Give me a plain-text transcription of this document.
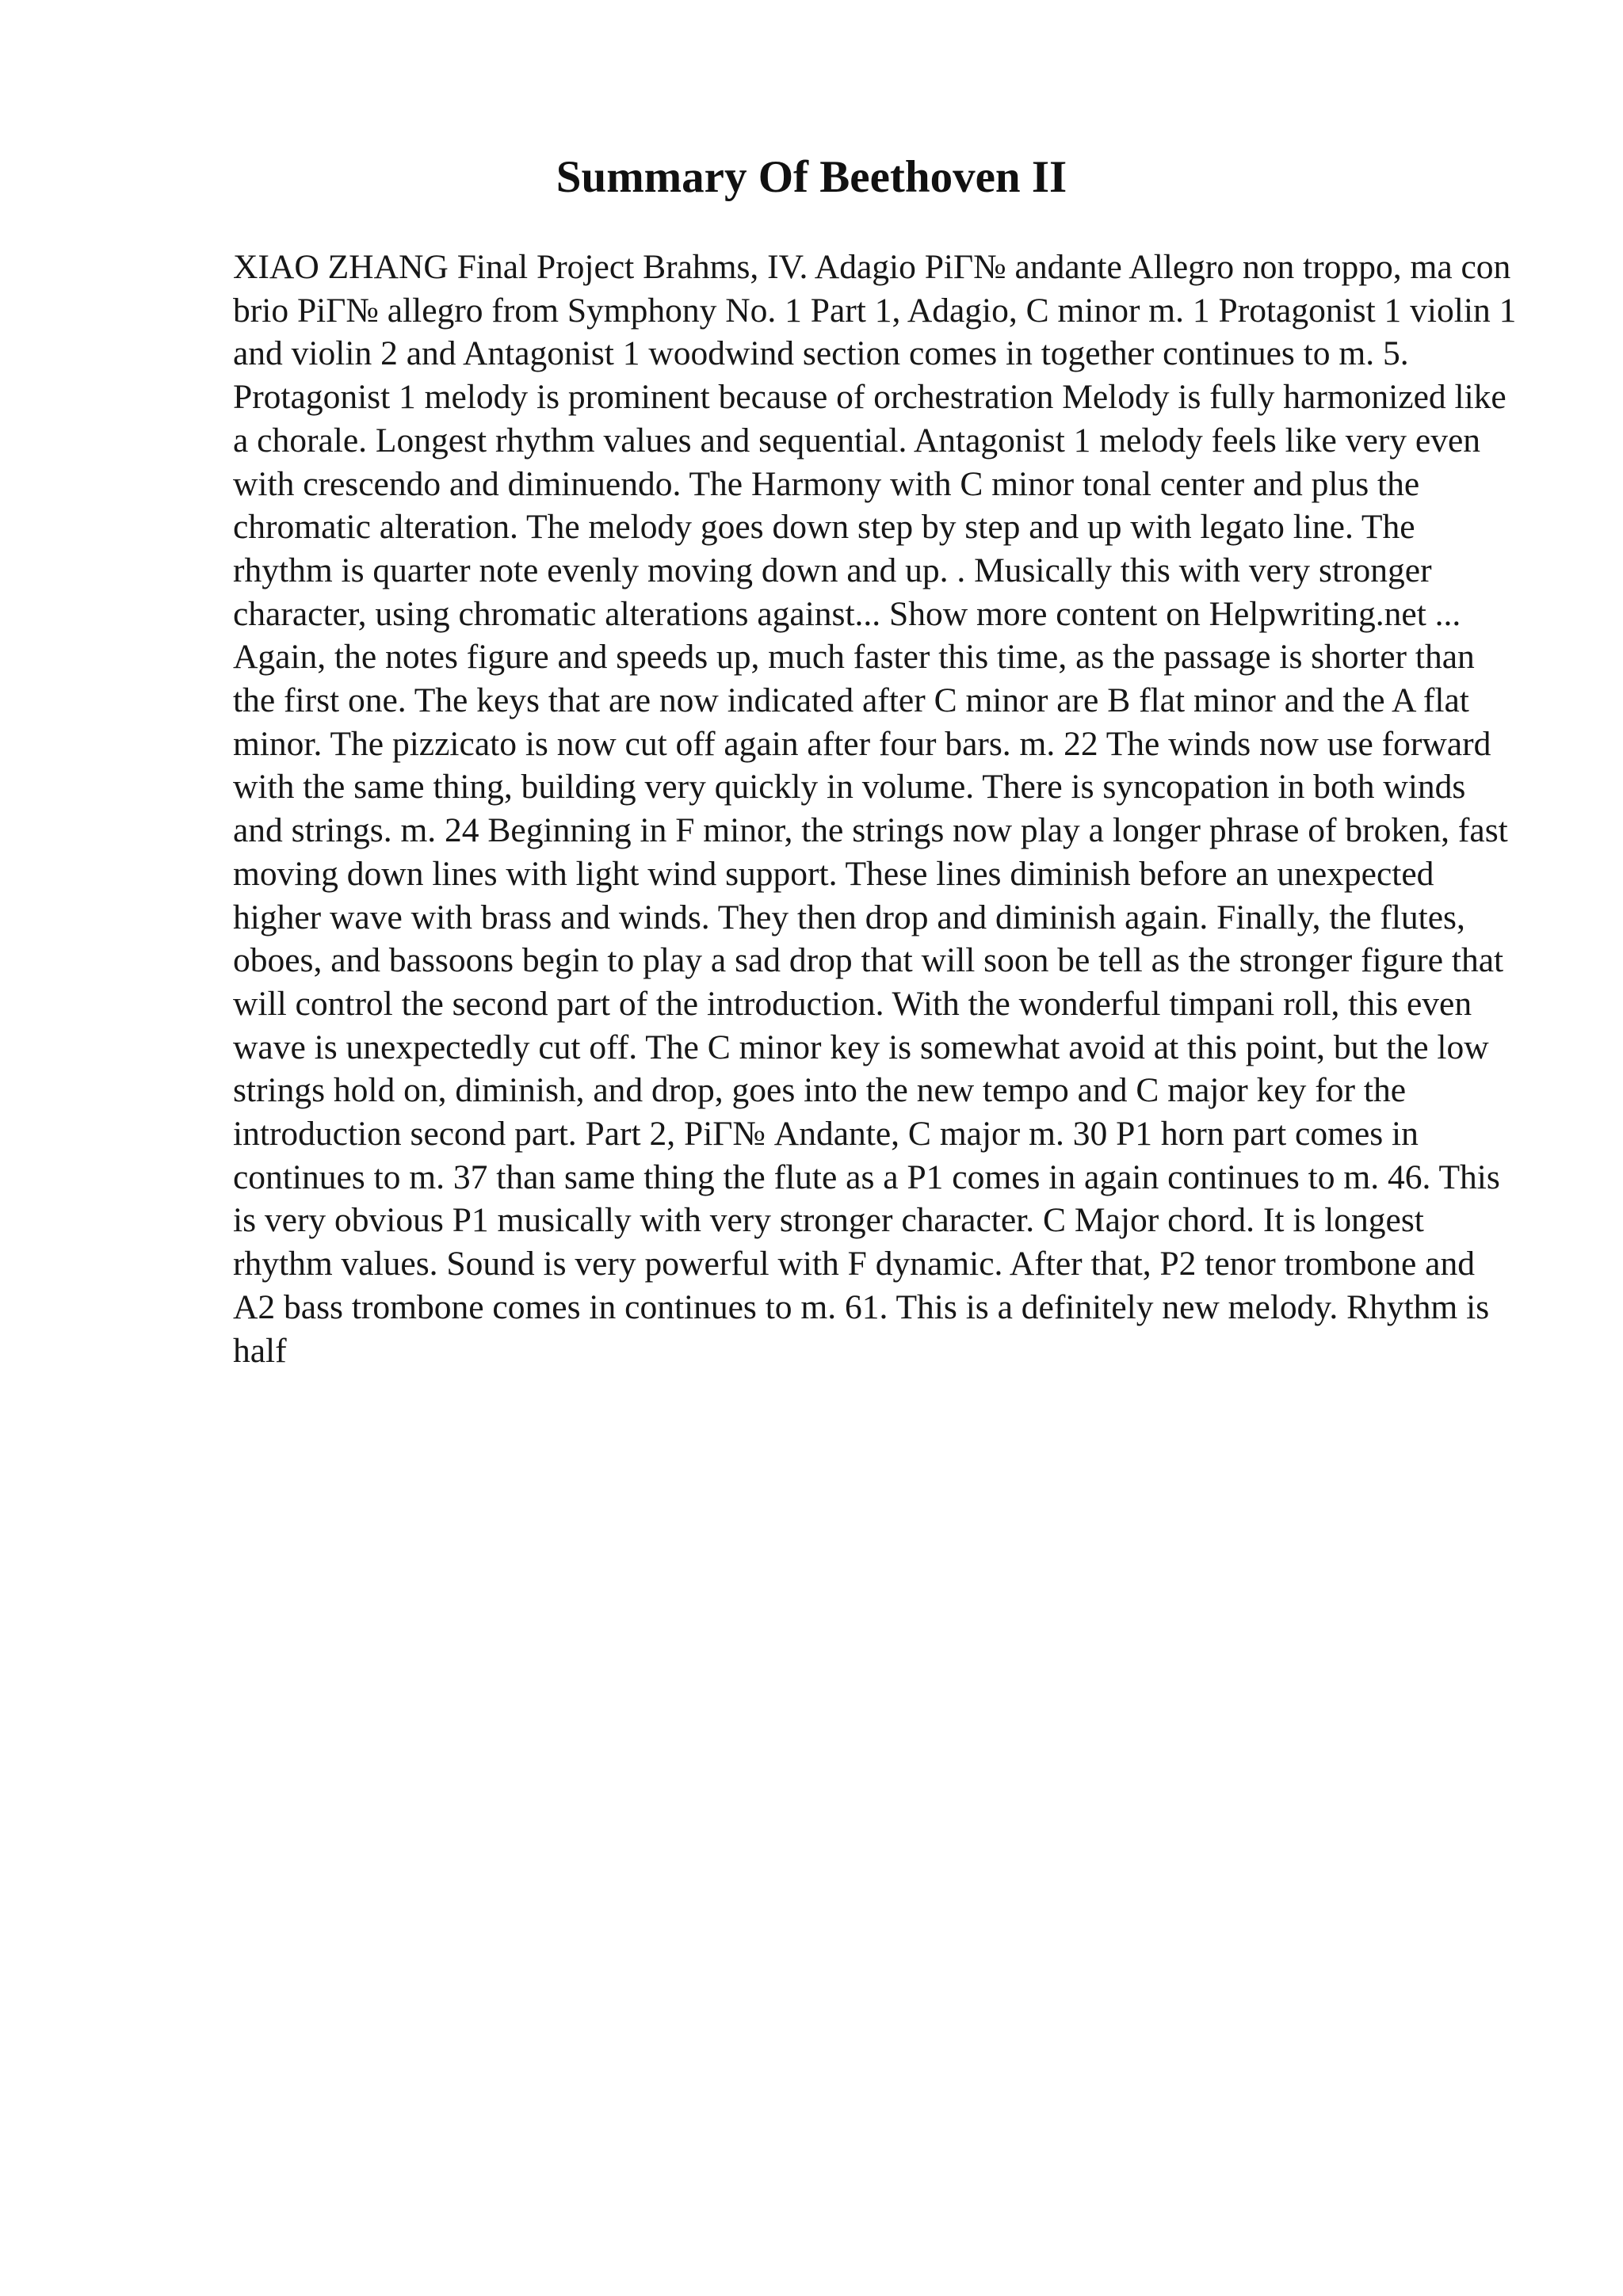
Summary Of Beethoven II

XIAO ZHANG Final Project Brahms, IV. Adagio PiГ№ andante Allegro non troppo, ma con brio PiГ№ allegro from Symphony No. 1 Part 1, Adagio, C minor m. 1 Protagonist 1 violin 1 and violin 2 and Antagonist 1 woodwind section comes in together continues to m. 5. Protagonist 1 melody is prominent because of orchestration Melody is fully harmonized like a chorale. Longest rhythm values and sequential. Antagonist 1 melody feels like very even with crescendo and diminuendo. The Harmony with C minor tonal center and plus the chromatic alteration. The melody goes down step by step and up with legato line. The rhythm is quarter note evenly moving down and up. . Musically this with very stronger character, using chromatic alterations against... Show more content on Helpwriting.net ...

Again, the notes figure and speeds up, much faster this time, as the passage is shorter than the first one. The keys that are now indicated after C minor are B flat minor and the A flat minor. The pizzicato is now cut off again after four bars. m. 22 The winds now use forward with the same thing, building very quickly in volume. There is syncopation in both winds and strings. m. 24 Beginning in F minor, the strings now play a longer phrase of broken, fast moving down lines with light wind support. These lines diminish before an unexpected higher wave with brass and winds. They then drop and diminish again. Finally, the flutes, oboes, and bassoons begin to play a sad drop that will soon be tell as the stronger figure that will control the second part of the introduction. With the wonderful timpani roll, this even wave is unexpectedly cut off. The C minor key is somewhat avoid at this point, but the low strings hold on, diminish, and drop, goes into the new tempo and C major key for the introduction second part. Part 2, PiГ№ Andante, C major m. 30 P1 horn part comes in continues to m. 37 than same thing the flute as a P1 comes in again continues to m. 46. This is very obvious P1 musically with very stronger character. C Major chord. It is longest rhythm values. Sound is very powerful with F dynamic. After that, P2 tenor trombone and A2 bass trombone comes in continues to m. 61. This is a definitely new melody. Rhythm is half
